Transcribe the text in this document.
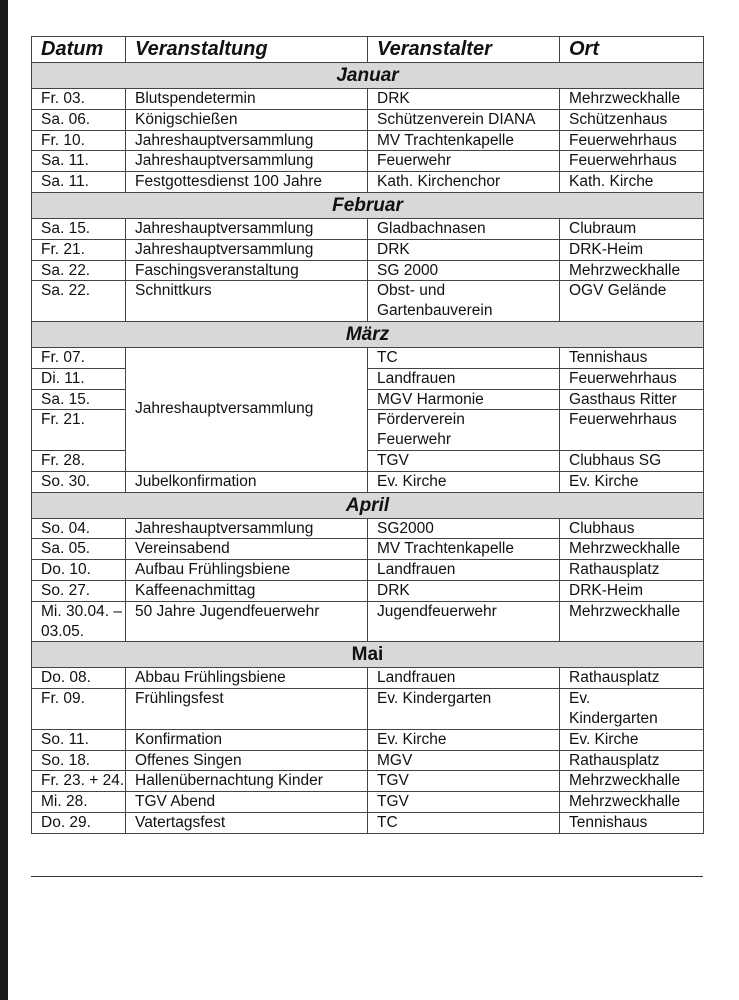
Datum	Veranstaltung	Veranstalter	Ort
Januar			
Fr. 03.	Blutspendetermin	DRK	Mehrzweckhalle
Sa. 06.	Königschießen	Schützenverein DIANA	Schützenhaus
Fr. 10.	Jahreshauptversammlung	MV Trachtenkapelle	Feuerwehrhaus
Sa. 11.	Jahreshauptversammlung	Feuerwehr	Feuerwehrhaus
Sa. 11.	Festgottesdienst 100 Jahre	Kath. Kirchenchor	Kath. Kirche
Februar			
Sa. 15.	Jahreshauptversammlung	Gladbachnasen	Clubraum
Fr. 21.	Jahreshauptversammlung	DRK	DRK-Heim
Sa. 22.	Faschingsveranstaltung	SG 2000	Mehrzweckhalle
Sa. 22.	Schnittkurs	Obst- und Gartenbauverein	OGV Gelände
März			
Fr. 07.	Jahreshauptversammlung	TC	Tennishaus
Di. 11.		Landfrauen	Feuerwehrhaus
Sa. 15.		MGV Harmonie	Gasthaus Ritter
Fr. 21.		Förderverein Feuerwehr	Feuerwehrhaus
Fr. 28.		TGV	Clubhaus SG
So. 30.	Jubelkonfirmation	Ev. Kirche	Ev. Kirche
April			
So. 04.	Jahreshauptversammlung	SG2000	Clubhaus
Sa. 05.	Vereinsabend	MV Trachtenkapelle	Mehrzweckhalle
Do. 10.	Aufbau Frühlingsbiene	Landfrauen	Rathausplatz
So. 27.	Kaffeenachmittag	DRK	DRK-Heim
Mi. 30.04. – 03.05.	50 Jahre Jugendfeuerwehr	Jugendfeuerwehr	Mehrzweckhalle
Mai			
Do. 08.	Abbau Frühlingsbiene	Landfrauen	Rathausplatz
Fr. 09.	Frühlingsfest	Ev. Kindergarten	Ev. Kindergarten
So. 11.	Konfirmation	Ev. Kirche	Ev. Kirche
So. 18.	Offenes Singen	MGV	Rathausplatz
Fr. 23. + 24.	Hallenübernachtung Kinder	TGV	Mehrzweckhalle
Mi. 28.	TGV Abend	TGV	Mehrzweckhalle
Do. 29.	Vatertagsfest	TC	Tennishaus
